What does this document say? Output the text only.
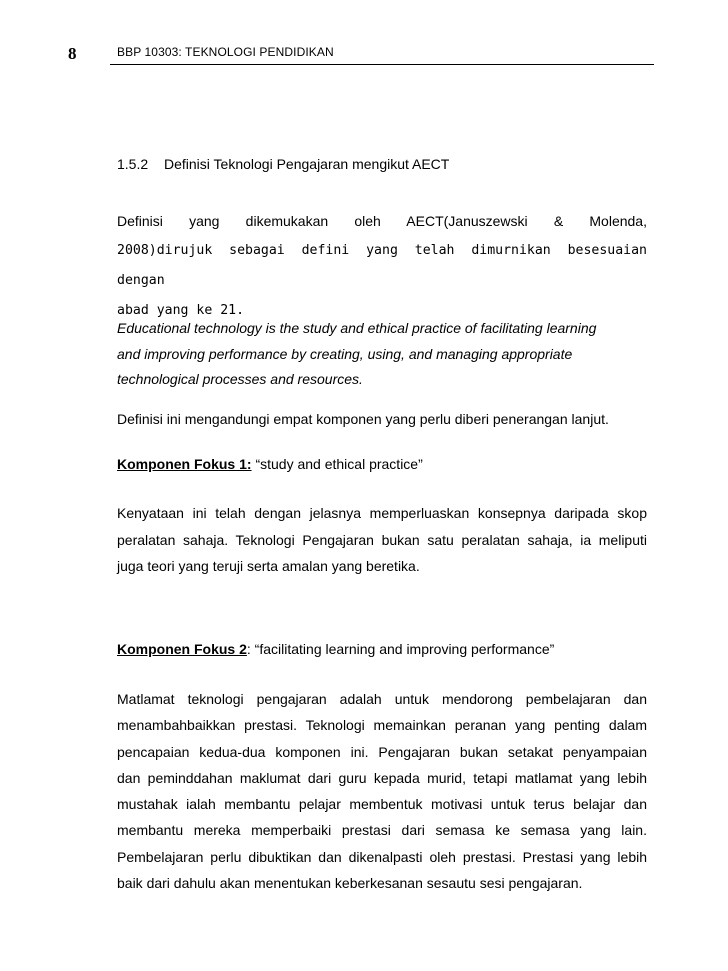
8	BBP 10303: TEKNOLOGI PENDIDIKAN
1.5.2 Definisi Teknologi Pengajaran mengikut AECT
Definisi yang dikemukakan oleh AECT(Januszewski & Molenda,
2008)dirujuk sebagai defini yang telah dimurnikan besesuaian dengan
abad yang ke 21.
Educational technology is the study and ethical practice of facilitating learning
and improving performance by creating, using, and managing appropriate
technological processes and resources.
Definisi ini mengandungi empat komponen yang perlu diberi penerangan lanjut.
Komponen Fokus 1: “study and ethical practice”
Kenyataan ini telah dengan jelasnya memperluaskan konsepnya daripada skop
peralatan sahaja. Teknologi Pengajaran bukan satu peralatan sahaja, ia meliputi
juga teori yang teruji serta amalan yang beretika.
Komponen Fokus 2: “facilitating learning and improving performance”
Matlamat teknologi pengajaran adalah untuk mendorong pembelajaran dan
menambahbaikkan prestasi. Teknologi memainkan peranan yang penting dalam
pencapaian kedua-dua komponen ini. Pengajaran bukan setakat penyampaian
dan peminddahan maklumat dari guru kepada murid, tetapi matlamat yang lebih
mustahak ialah membantu pelajar membentuk motivasi untuk terus belajar dan
membantu mereka memperbaiki prestasi dari semasa ke semasa yang lain.
Pembelajaran perlu dibuktikan dan dikenalpasti oleh prestasi. Prestasi yang lebih
baik dari dahulu akan menentukan keberkesanan sesautu sesi pengajaran.
